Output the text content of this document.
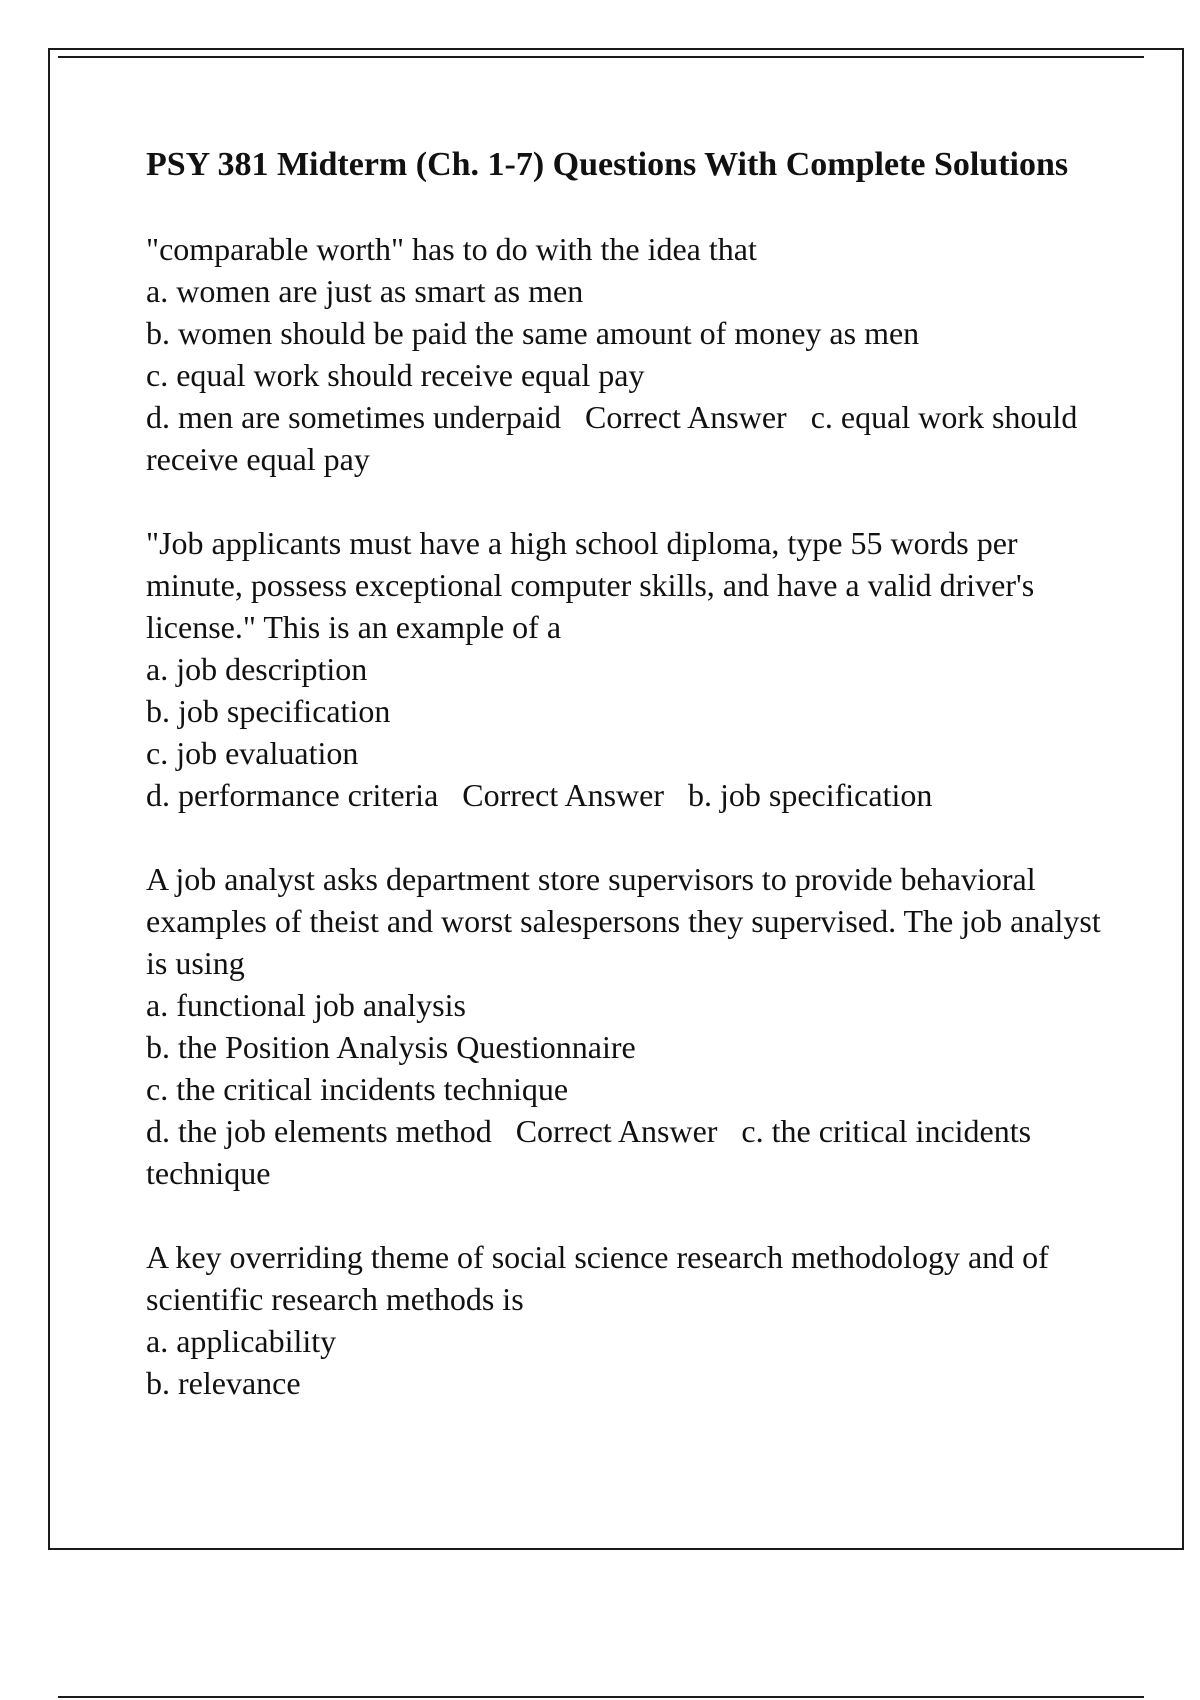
PSY 381 Midterm (Ch. 1-7) Questions With Complete Solutions
"comparable worth" has to do with the idea that
a. women are just as smart as men
b. women should be paid the same amount of money as men
c. equal work should receive equal pay
d. men are sometimes underpaid Correct Answer c. equal work should receive equal pay
"Job applicants must have a high school diploma, type 55 words per minute, possess exceptional computer skills, and have a valid driver's license." This is an example of a
a. job description
b. job specification
c. job evaluation
d. performance criteria Correct Answer b. job specification
A job analyst asks department store supervisors to provide behavioral examples of theist and worst salespersons they supervised. The job analyst is using
a. functional job analysis
b. the Position Analysis Questionnaire
c. the critical incidents technique
d. the job elements method Correct Answer c. the critical incidents technique
A key overriding theme of social science research methodology and of scientific research methods is
a. applicability
b. relevance
